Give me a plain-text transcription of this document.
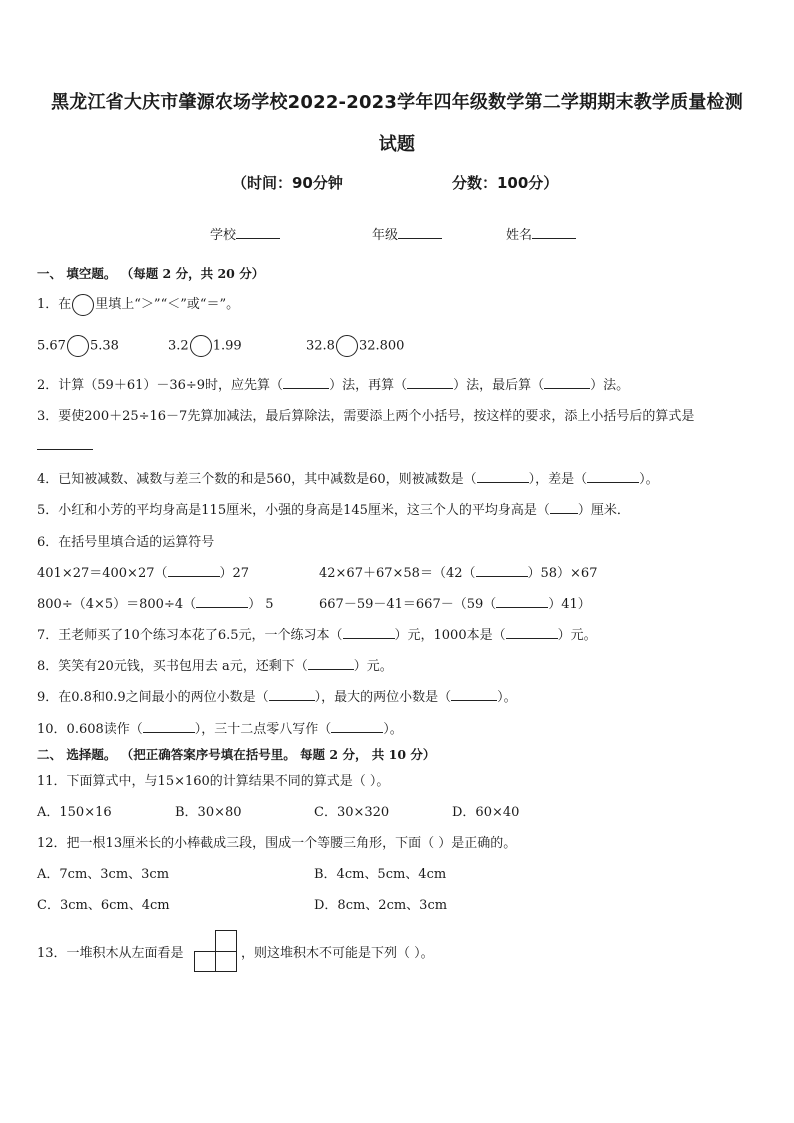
黑龙江省大庆市肇源农场学校2022-2023学年四年级数学第二学期期末教学质量检测
试题
（时间：90分钟	分数：100分）
学校	年级	姓名
一、 填空题。 （每题 2 分，共 20 分）
1．在 里填上“＞”“＜”或“＝”。
5.67 5.38	3.2 1.99	32.8 32.800
2．计算（59＋61）－36÷9时，应先算（	）法，再算（	）法，最后算（	）法。
3．要使200＋25÷16－7先算加减法，最后算除法，需要添上两个小括号，按这样的要求，添上小括号后的算式是
4．已知被减数、减数与差三个数的和是560，其中减数是60，则被减数是（	），差是（	）。
5．小红和小芳的平均身高是115厘米，小强的身高是145厘米，这三个人的平均身高是（ ）厘米．
6．在括号里填合适的运算符号
401×27＝400×27（	）27	42×67＋67×58＝（42（	）58）×67
800÷（4×5）＝800÷4（	） 5	667－59－41＝667－（59（	）41）
7．王老师买了10个练习本花了6.5元，一个练习本（	）元，1000本是（	）元。
8．笑笑有20元钱，买书包用去 a元，还剩下（	）元。
9．在0.8和0.9之间最小的两位小数是（	），最大的两位小数是（	）。
10．0.608读作（	），三十二点零八写作（	）。
二、 选择题。 （把正确答案序号填在括号里。 每题 2 分， 共 10 分）
11．下面算式中，与15×160的计算结果不同的算式是（ ）。
A．150×16	B．30×80	C．30×320	D．60×40
12．把一根13厘米长的小棒截成三段，围成一个等腰三角形，下面（ ）是正确的。
A．7cm、3cm、3cm	B．4cm、5cm、4cm
C．3cm、6cm、4cm	D．8cm、2cm、3cm
13．一堆积木从左面看是	，则这堆积木不可能是下列（ ）。
